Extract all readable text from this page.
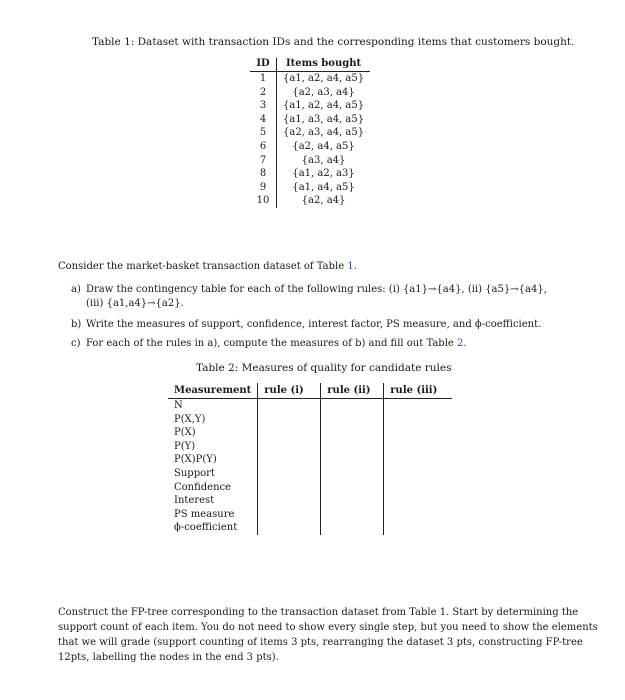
Table 1: Dataset with transaction IDs and the corresponding items that customers bought.
ID	Items bought
1	{a1, a2, a4, a5}
2	{a2, a3, a4}
3	{a1, a2, a4, a5}
4	{a1, a3, a4, a5}
5	{a2, a3, a4, a5}
6	{a2, a4, a5}
7	{a3, a4}
8	{a1, a2, a3}
9	{a1, a4, a5}
10	{a2, a4}
Consider the market-basket transaction dataset of Table 1.
a) Draw the contingency table for each of the following rules: (i) {a1}→{a4}, (ii) {a5}→{a4},
(iii) {a1,a4}→{a2}.
b) Write the measures of support, confidence, interest factor, PS measure, and ϕ-coefficient.
c) For each of the rules in a), compute the measures of b) and fill out Table 2.
Table 2: Measures of quality for candidate rules
Measurement	rule (i)	rule (ii)	rule (iii)
N			
P(X,Y)			
P(X)			
P(Y)			
P(X)P(Y)			
Support			
Confidence			
Interest			
PS measure			
ϕ-coefficient			
Construct the FP-tree corresponding to the transaction dataset from Table 1. Start by determining the
support count of each item. You do not need to show every single step, but you need to show the elements
that we will grade (support counting of items 3 pts, rearranging the dataset 3 pts, constructing FP-tree
12pts, labelling the nodes in the end 3 pts).
